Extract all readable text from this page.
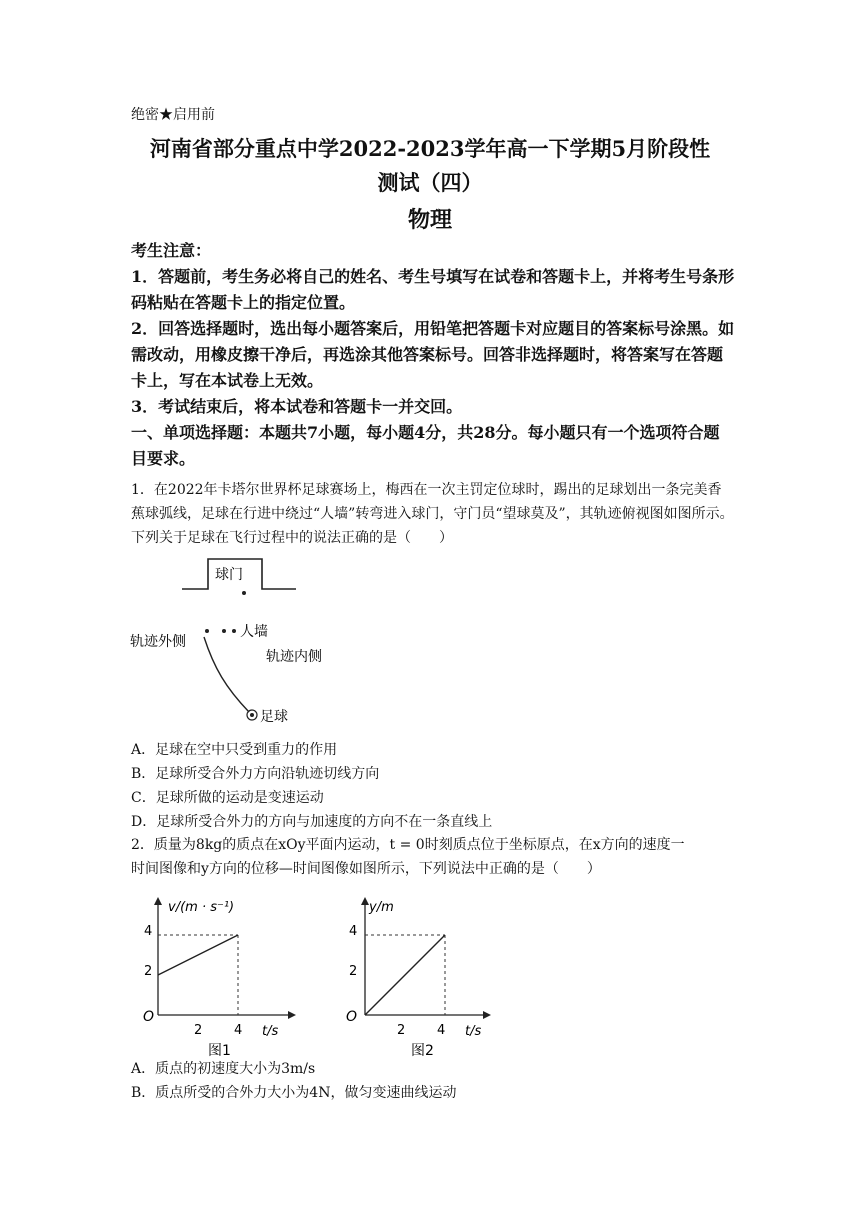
绝密★启用前
河南省部分重点中学2022-2023学年高一下学期5月阶段性
测试（四）
物理

考生注意：

1．答题前，考生务必将自己的姓名、考生号填写在试卷和答题卡上，并将考生号条形码粘贴在答题卡上的指定位置。

2．回答选择题时，选出每小题答案后，用铅笔把答题卡对应题目的答案标号涂黑。如需改动，用橡皮擦干净后，再选涂其他答案标号。回答非选择题时，将答案写在答题卡上，写在本试卷上无效。

3．考试结束后，将本试卷和答题卡一并交回。

一、单项选择题：本题共7小题，每小题4分，共28分。每小题只有一个选项符合题目要求。

1．在2022年卡塔尔世界杯足球赛场上，梅西在一次主罚定位球时，踢出的足球划出一条完美香蕉球弧线，足球在行进中绕过“人墙”转弯进入球门，守门员“望球莫及”，其轨迹俯视图如图所示。下列关于足球在飞行过程中的说法正确的是（　　）

球门
人墙
轨迹外侧
轨迹内侧
足球
A．足球在空中只受到重力的作用
B．足球所受合外力方向沿轨迹切线方向
C．足球所做的运动是变速运动
D．足球所受合外力的方向与加速度的方向不在一条直线上

2．质量为8kg的质点在xOy平面内运动，t = 0时刻质点位于坐标原点，在x方向的速度一

时间图像和y方向的位移—时间图像如图所示，下列说法中正确的是（　　）

v/(m · s⁻¹)
t/s
O
2
4
2 4
图1
y/m
t/s
O
2
4
2 4
图2
A．质点的初速度大小为3m/s
B．质点所受的合外力大小为4N，做匀变速曲线运动
